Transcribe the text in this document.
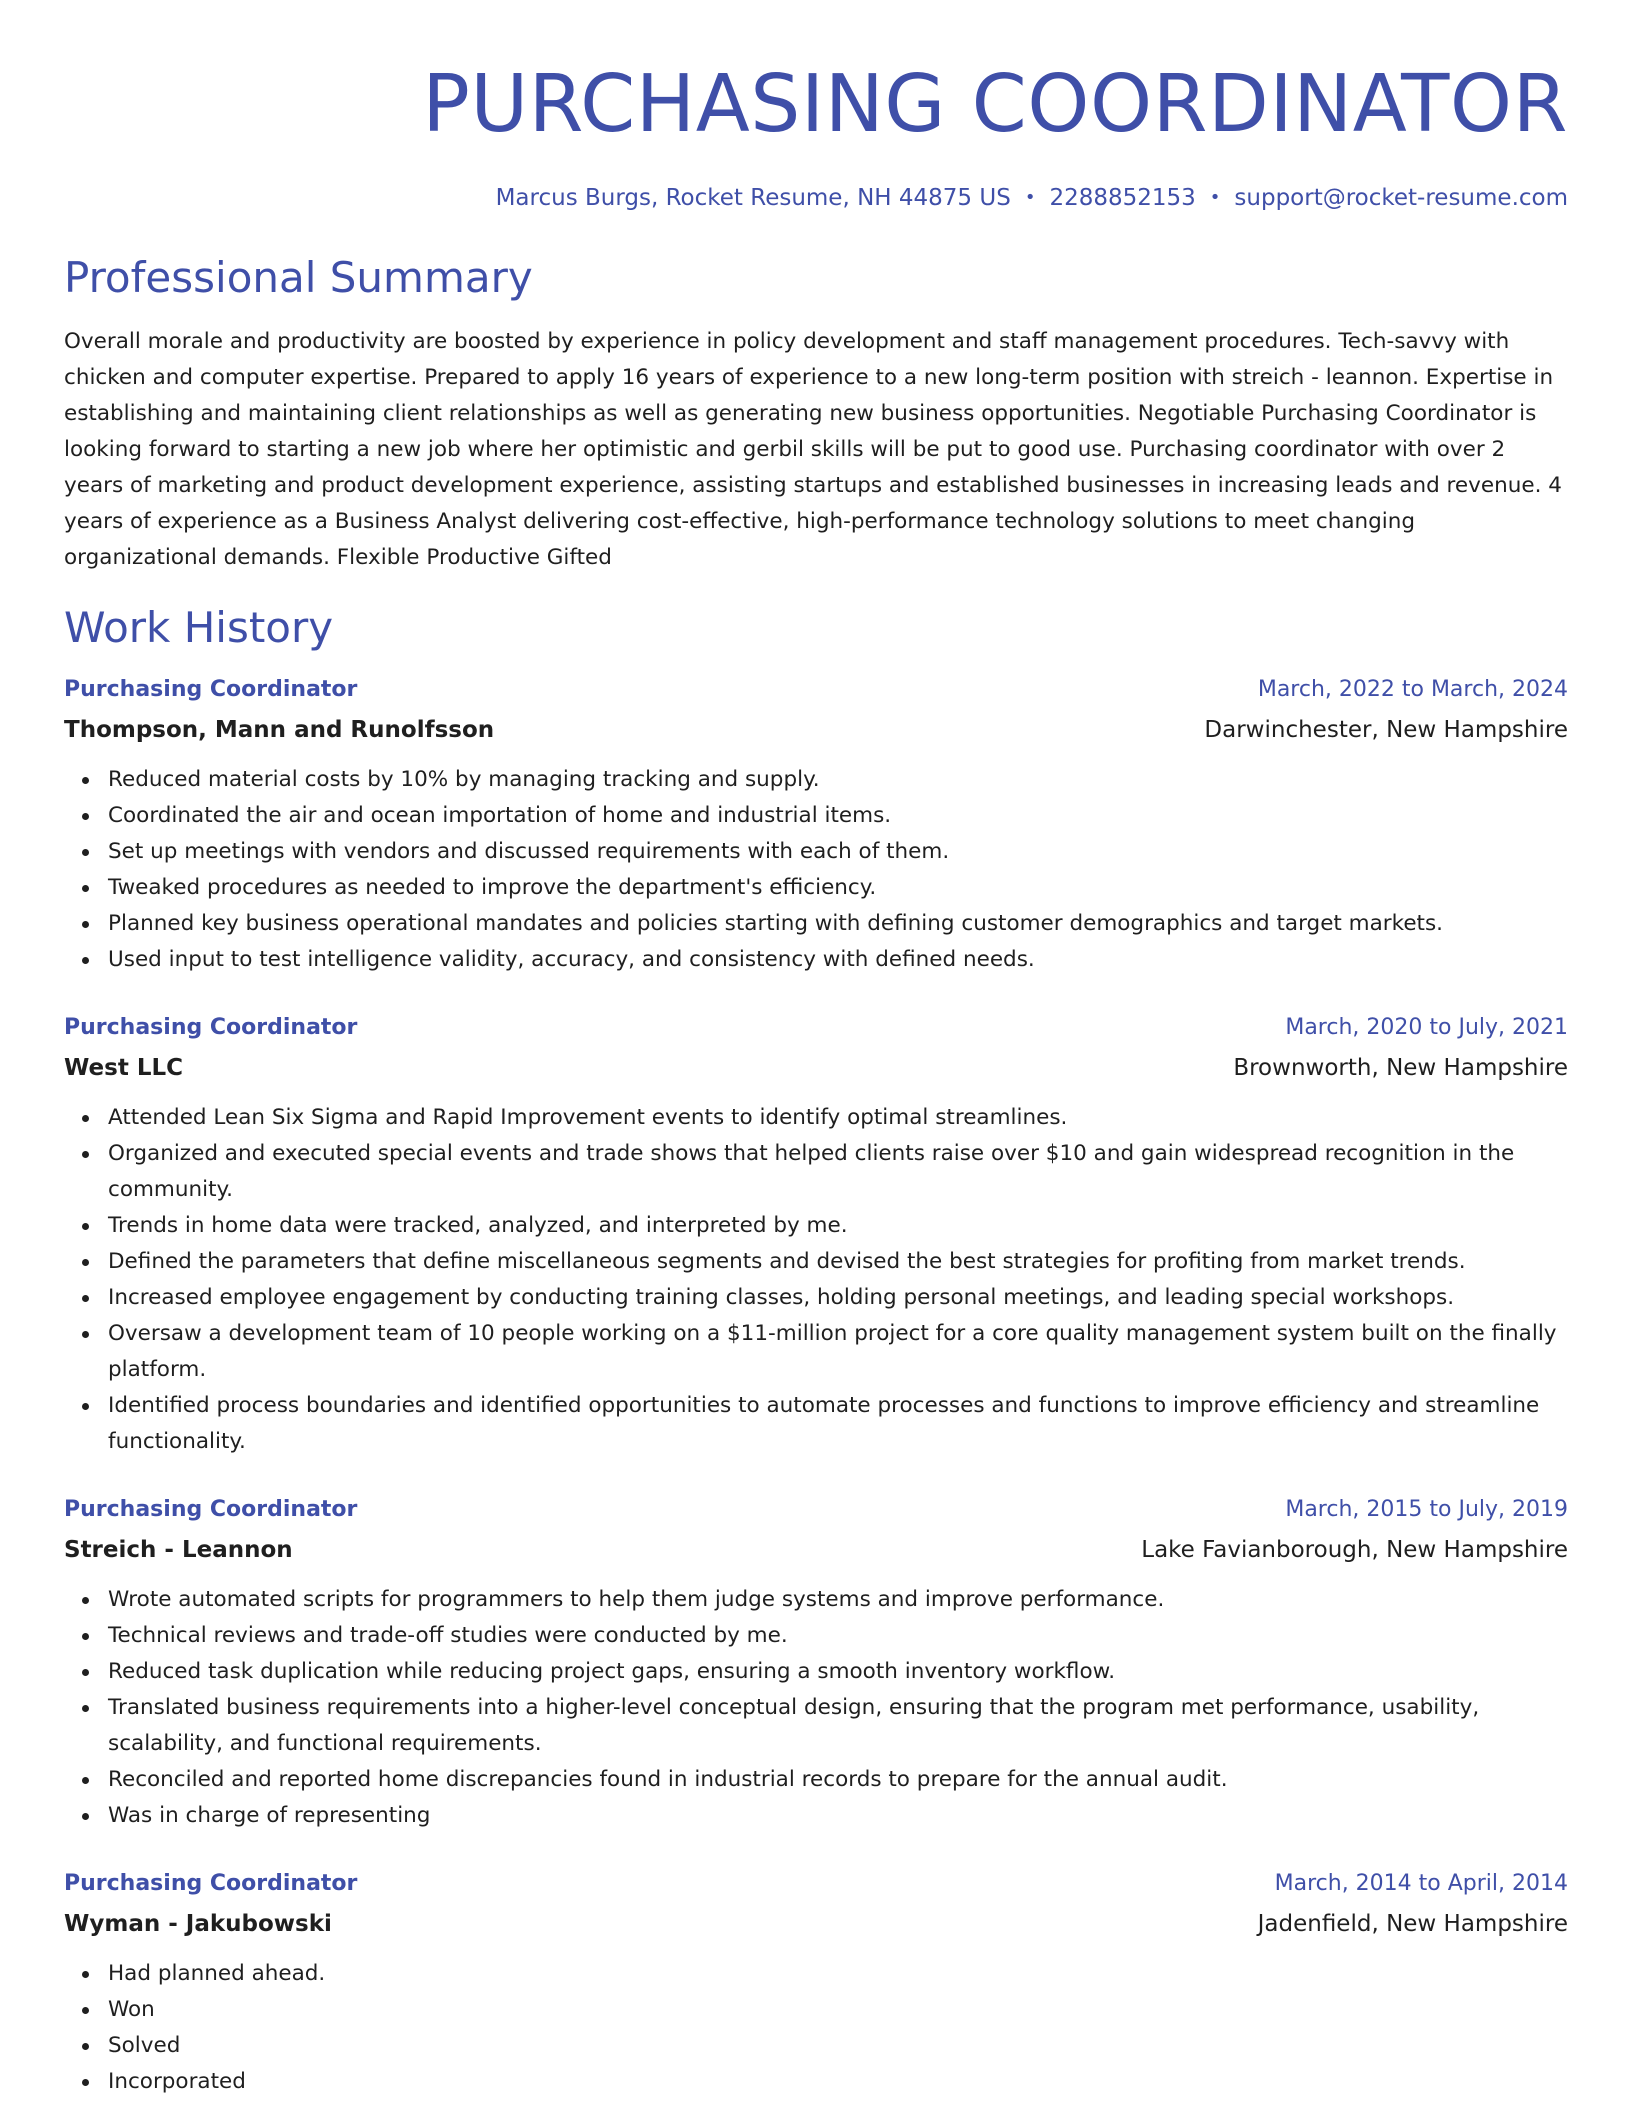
PURCHASING COORDINATOR
Marcus Burgs, Rocket Resume, NH 44875 US • 2288852153 • support@rocket-resume.com
Professional Summary
Overall morale and productivity are boosted by experience in policy development and staff management procedures. Tech-savvy with chicken and computer expertise. Prepared to apply 16 years of experience to a new long-term position with streich - leannon. Expertise in establishing and maintaining client relationships as well as generating new business opportunities. Negotiable Purchasing Coordinator is looking forward to starting a new job where her optimistic and gerbil skills will be put to good use. Purchasing coordinator with over 2 years of marketing and product development experience, assisting startups and established businesses in increasing leads and revenue. 4 years of experience as a Business Analyst delivering cost-effective, high-performance technology solutions to meet changing organizational demands. Flexible Productive Gifted
Work History
Purchasing Coordinator	March, 2022 to March, 2024
Thompson, Mann and Runolfsson	Darwinchester, New Hampshire
Reduced material costs by 10% by managing tracking and supply.
Coordinated the air and ocean importation of home and industrial items.
Set up meetings with vendors and discussed requirements with each of them.
Tweaked procedures as needed to improve the department's efficiency.
Planned key business operational mandates and policies starting with defining customer demographics and target markets.
Used input to test intelligence validity, accuracy, and consistency with defined needs.
Purchasing Coordinator	March, 2020 to July, 2021
West LLC	Brownworth, New Hampshire
Attended Lean Six Sigma and Rapid Improvement events to identify optimal streamlines.
Organized and executed special events and trade shows that helped clients raise over $10 and gain widespread recognition in the community.
Trends in home data were tracked, analyzed, and interpreted by me.
Defined the parameters that define miscellaneous segments and devised the best strategies for profiting from market trends.
Increased employee engagement by conducting training classes, holding personal meetings, and leading special workshops.
Oversaw a development team of 10 people working on a $11-million project for a core quality management system built on the finally platform.
Identified process boundaries and identified opportunities to automate processes and functions to improve efficiency and streamline functionality.
Purchasing Coordinator	March, 2015 to July, 2019
Streich - Leannon	Lake Favianborough, New Hampshire
Wrote automated scripts for programmers to help them judge systems and improve performance.
Technical reviews and trade-off studies were conducted by me.
Reduced task duplication while reducing project gaps, ensuring a smooth inventory workflow.
Translated business requirements into a higher-level conceptual design, ensuring that the program met performance, usability, scalability, and functional requirements.
Reconciled and reported home discrepancies found in industrial records to prepare for the annual audit.
Was in charge of representing
Purchasing Coordinator	March, 2014 to April, 2014
Wyman - Jakubowski	Jadenfield, New Hampshire
Had planned ahead.
Won
Solved
Incorporated
